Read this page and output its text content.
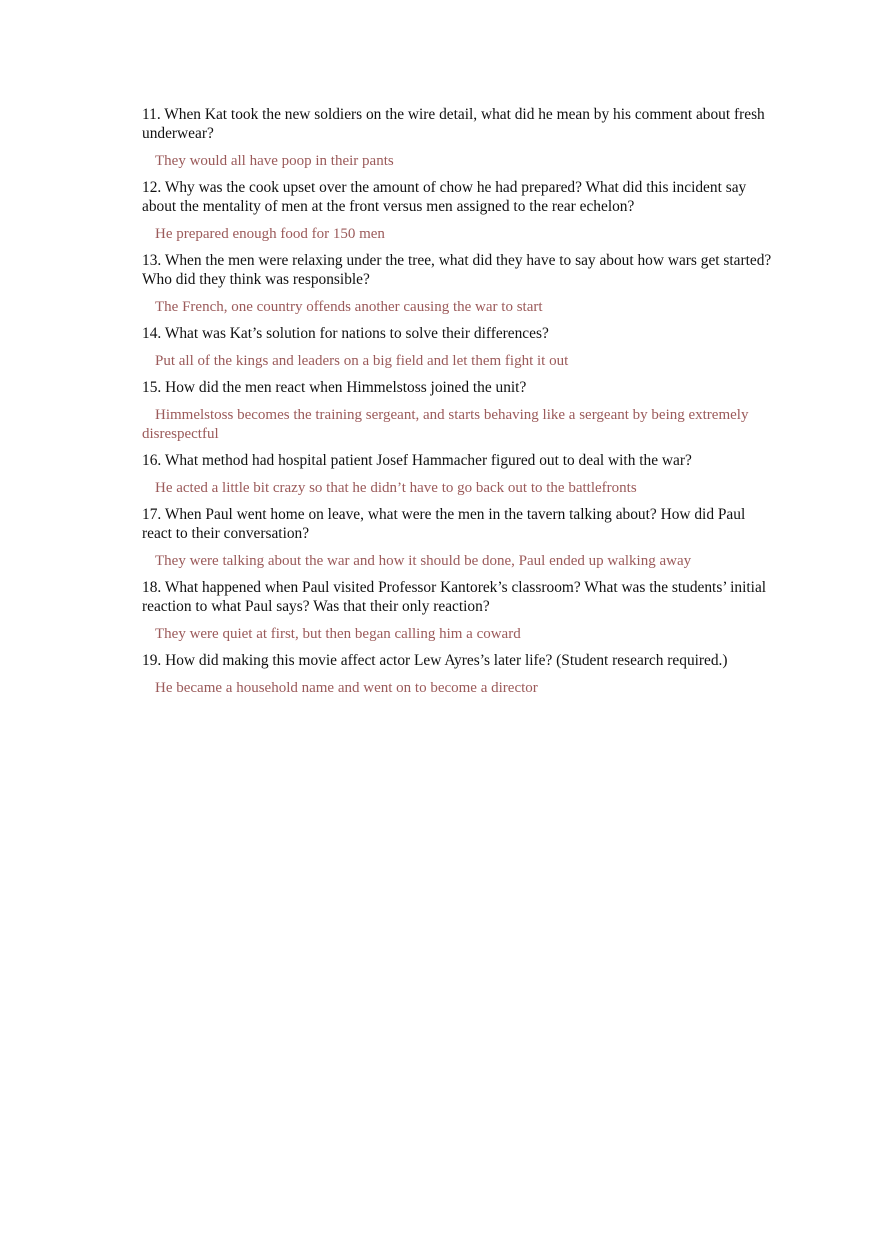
11. When Kat took the new soldiers on the wire detail, what did he mean by his comment about fresh underwear?

They would all have poop in their pants

12. Why was the cook upset over the amount of chow he had prepared? What did this incident say about the mentality of men at the front versus men assigned to the rear echelon?

He prepared enough food for 150 men

13. When the men were relaxing under the tree, what did they have to say about how wars get started? Who did they think was responsible?

The French, one country offends another causing the war to start

14. What was Kat’s solution for nations to solve their differences?

Put all of the kings and leaders on a big field and let them fight it out

15. How did the men react when Himmelstoss joined the unit?

Himmelstoss becomes the training sergeant, and starts behaving like a sergeant by being extremely disrespectful

16. What method had hospital patient Josef Hammacher figured out to deal with the war?

He acted a little bit crazy so that he didn’t have to go back out to the battlefronts

17. When Paul went home on leave, what were the men in the tavern talking about? How did Paul react to their conversation?

They were talking about the war and how it should be done, Paul ended up walking away

18. What happened when Paul visited Professor Kantorek’s classroom? What was the students’ initial reaction to what Paul says? Was that their only reaction?

They were quiet at first, but then began calling him a coward

19. How did making this movie affect actor Lew Ayres’s later life? (Student research required.)

He became a household name and went on to become a director
